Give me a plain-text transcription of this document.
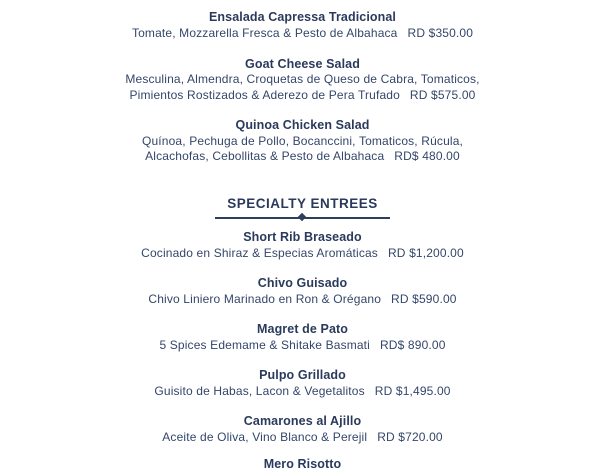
Ensalada Capressa Tradicional
Tomate, Mozzarella Fresca & Pesto de Albahaca RD $350.00
Goat Cheese Salad
Mesculina, Almendra, Croquetas de Queso de Cabra, Tomaticos,
Pimientos Rostizados & Aderezo de Pera Trufado RD $575.00
Quinoa Chicken Salad
Quínoa, Pechuga de Pollo, Bocanccini, Tomaticos, Rúcula,
Alcachofas, Cebollitas & Pesto de Albahaca RD$ 480.00
SPECIALTY ENTREES
Short Rib Braseado
Cocinado en Shiraz & Especias Aromáticas RD $1,200.00
Chivo Guisado
Chivo Liniero Marinado en Ron & Orégano RD $590.00
Magret de Pato
5 Spices Edemame & Shitake Basmati RD$ 890.00
Pulpo Grillado
Guisito de Habas, Lacon & Vegetalitos RD $1,495.00
Camarones al Ajillo
Aceite de Oliva, Vino Blanco & Perejil RD $720.00
Mero Risotto
